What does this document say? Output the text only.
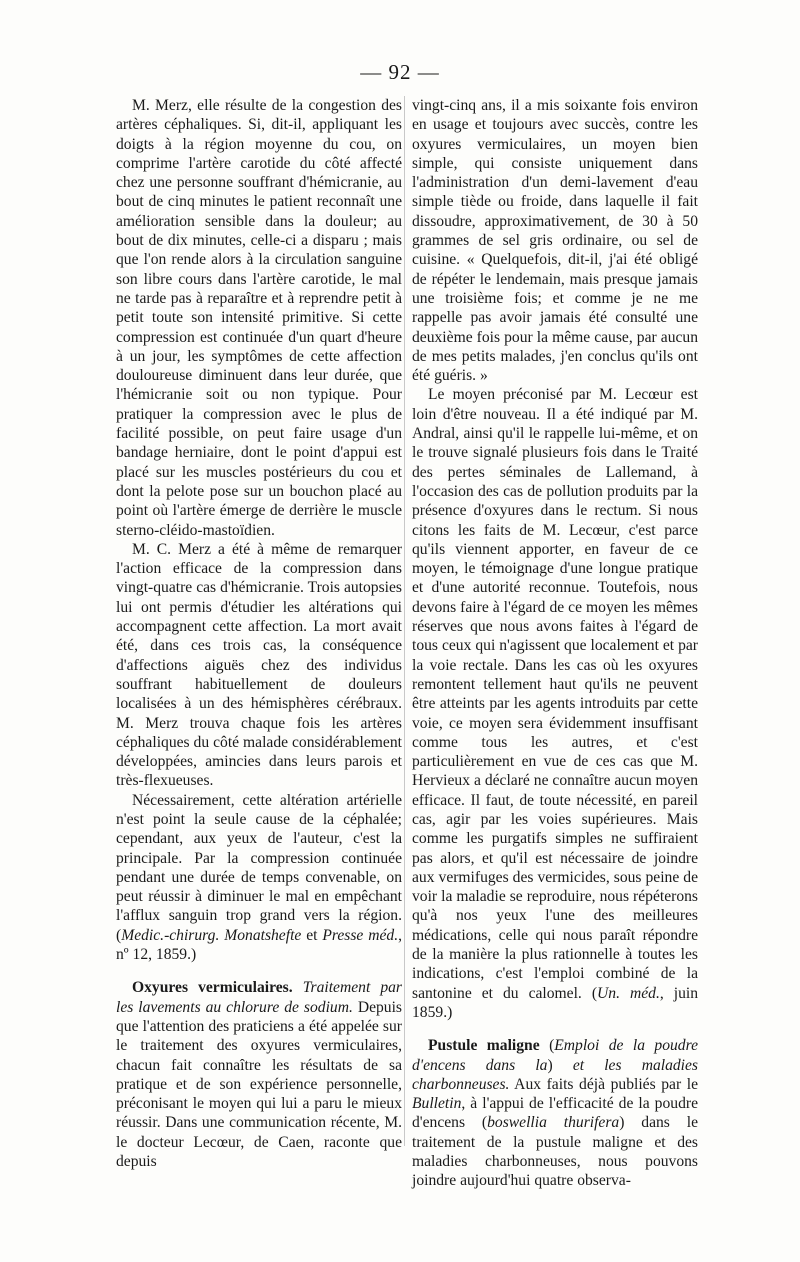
— 92 —

M. Merz, elle résulte de la congestion des artères céphaliques. Si, dit-il, appliquant les doigts à la région moyenne du cou, on comprime l'artère carotide du côté affecté chez une personne souffrant d'hémicranie, au bout de cinq minutes le patient reconnaît une amélioration sensible dans la douleur; au bout de dix minutes, celle-ci a disparu ; mais que l'on rende alors à la circulation sanguine son libre cours dans l'artère carotide, le mal ne tarde pas à reparaître et à reprendre petit à petit toute son intensité primitive. Si cette compression est continuée d'un quart d'heure à un jour, les symptômes de cette affection douloureuse diminuent dans leur durée, que l'hémicranie soit ou non typique. Pour pratiquer la compression avec le plus de facilité possible, on peut faire usage d'un bandage herniaire, dont le point d'appui est placé sur les muscles postérieurs du cou et dont la pelote pose sur un bouchon placé au point où l'artère émerge de derrière le muscle sterno-cléido-mastoïdien.

M. C. Merz a été à même de remarquer l'action efficace de la compression dans vingt-quatre cas d'hémicranie. Trois autopsies lui ont permis d'étudier les altérations qui accompagnent cette affection. La mort avait été, dans ces trois cas, la conséquence d'affections aiguës chez des individus souffrant habituellement de douleurs localisées à un des hémisphères cérébraux. M. Merz trouva chaque fois les artères céphaliques du côté malade considérablement développées, amincies dans leurs parois et très-flexueuses.

Nécessairement, cette altération artérielle n'est point la seule cause de la céphalée; cependant, aux yeux de l'auteur, c'est la principale. Par la compression continuée pendant une durée de temps convenable, on peut réussir à diminuer le mal en empêchant l'afflux sanguin trop grand vers la région. (Medic.-chirurg. Monatshefte et Presse méd., nº 12, 1859.)

Oxyures vermiculaires. Traitement par les lavements au chlorure de sodium. Depuis que l'attention des praticiens a été appelée sur le traitement des oxyures vermiculaires, chacun fait connaître les résultats de sa pratique et de son expérience personnelle, préconisant le moyen qui lui a paru le mieux réussir. Dans une communication récente, M. le docteur Lecœur, de Caen, raconte que depuis

vingt-cinq ans, il a mis soixante fois environ en usage et toujours avec succès, contre les oxyures vermiculaires, un moyen bien simple, qui consiste uniquement dans l'administration d'un demi-lavement d'eau simple tiède ou froide, dans laquelle il fait dissoudre, approximativement, de 30 à 50 grammes de sel gris ordinaire, ou sel de cuisine. « Quelquefois, dit-il, j'ai été obligé de répéter le lendemain, mais presque jamais une troisième fois; et comme je ne me rappelle pas avoir jamais été consulté une deuxième fois pour la même cause, par aucun de mes petits malades, j'en conclus qu'ils ont été guéris. »

Le moyen préconisé par M. Lecœur est loin d'être nouveau. Il a été indiqué par M. Andral, ainsi qu'il le rappelle lui-même, et on le trouve signalé plusieurs fois dans le Traité des pertes séminales de Lallemand, à l'occasion des cas de pollution produits par la présence d'oxyures dans le rectum. Si nous citons les faits de M. Lecœur, c'est parce qu'ils viennent apporter, en faveur de ce moyen, le témoignage d'une longue pratique et d'une autorité reconnue. Toutefois, nous devons faire à l'égard de ce moyen les mêmes réserves que nous avons faites à l'égard de tous ceux qui n'agissent que localement et par la voie rectale. Dans les cas où les oxyures remontent tellement haut qu'ils ne peuvent être atteints par les agents introduits par cette voie, ce moyen sera évidemment insuffisant comme tous les autres, et c'est particulièrement en vue de ces cas que M. Hervieux a déclaré ne connaître aucun moyen efficace. Il faut, de toute nécessité, en pareil cas, agir par les voies supérieures. Mais comme les purgatifs simples ne suffiraient pas alors, et qu'il est nécessaire de joindre aux vermifuges des vermicides, sous peine de voir la maladie se reproduire, nous répéterons qu'à nos yeux l'une des meilleures médications, celle qui nous paraît répondre de la manière la plus rationnelle à toutes les indications, c'est l'emploi combiné de la santonine et du calomel. (Un. méd., juin 1859.)

Pustule maligne (Emploi de la poudre d'encens dans la) et les maladies charbonneuses. Aux faits déjà publiés par le Bulletin, à l'appui de l'efficacité de la poudre d'encens (boswellia thurifera) dans le traitement de la pustule maligne et des maladies charbonneuses, nous pouvons joindre aujourd'hui quatre observa-
